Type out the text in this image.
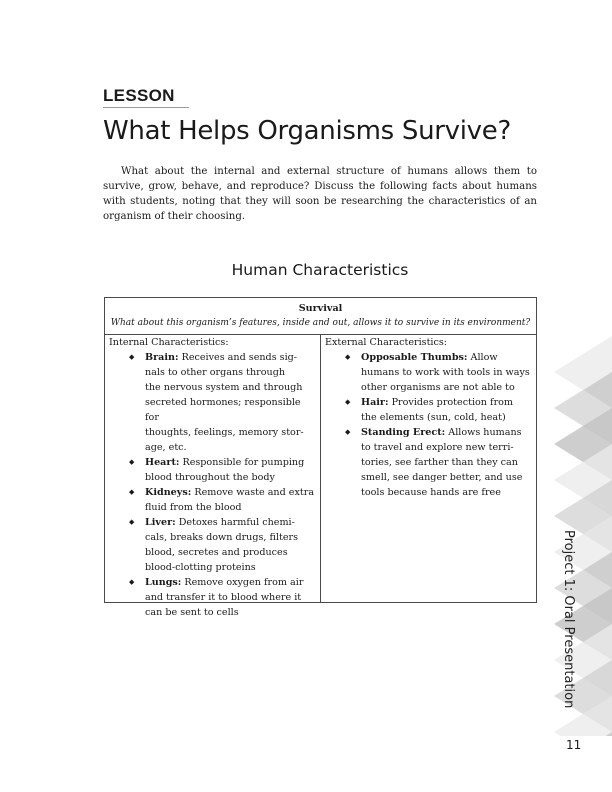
LESSON
What Helps Organisms Survive?

What about the internal and external structure of humans allows them to survive, grow, behave, and reproduce? Discuss the following facts about humans with students, noting that they will soon be researching the characteristics of an organism of their choosing.

Human Characteristics
Survival
What about this organism’s features, inside and out, allows it to survive in its environment?
Internal Characteristics:
◆ Brain: Receives and sends sig-
nals to other organs through
the nervous system and through
secreted hormones; responsible for
thoughts, feelings, memory stor-
age, etc.
◆ Heart: Responsible for pumping
blood throughout the body
◆ Kidneys: Remove waste and extra
fluid from the blood
◆ Liver: Detoxes harmful chemi-
cals, breaks down drugs, filters
blood, secretes and produces
blood-clotting proteins
◆ Lungs: Remove oxygen from air
and transfer it to blood where it
can be sent to cells
External Characteristics:
◆ Opposable Thumbs: Allow
humans to work with tools in ways
other organisms are not able to
◆ Hair: Provides protection from
the elements (sun, cold, heat)
◆ Standing Erect: Allows humans
to travel and explore new terri-
tories, see farther than they can
smell, see danger better, and use
tools because hands are free
Project 1: Oral Presentation
11
